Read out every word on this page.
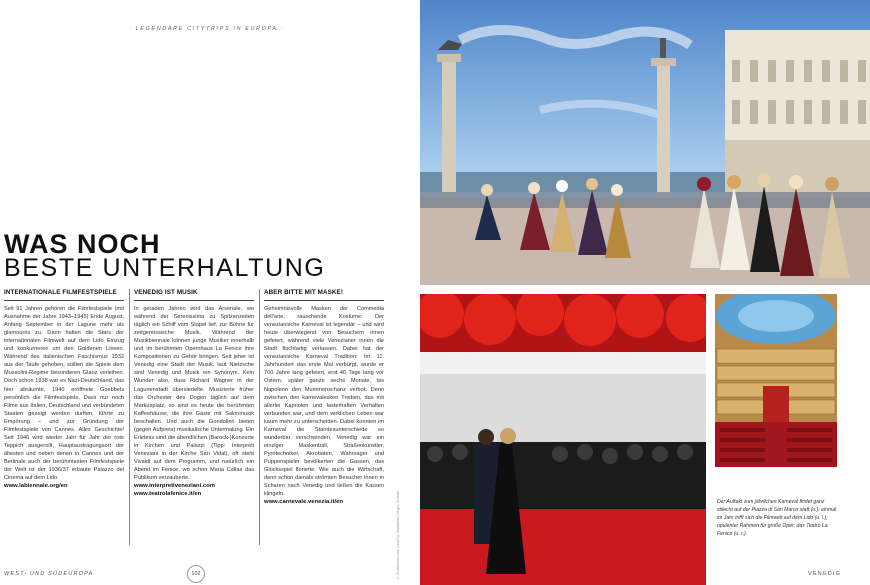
· LEGENDÄRE CITYTRIPS IN EUROPA ·
WAS NOCH
BESTE UNTERHALTUNG
INTERNATIONALE FILMFESTSPIELE

Seit 91 Jahren gehören die Filmfestspiele (mit Ausnahme der Jahre 1943–1945) Ende August, Anfang September in der Lagune mehr als glamourös zu. Dann halten die Stars der internationalen Filmwelt auf dem Lido Einzug und konkurrieren um den Goldenen Löwen. Während des italienischen Faschismus 1932 aus der Taufe gehoben, sollten die Spiele dem Mussolini-Regime besonderen Glanz verleihen. Doch schon 1938 war es Nazi-Deutschland, das hier abräumte, 1940 eröffnete Goebbels persönlich die Filmfestspiele. Dass nur noch Filme aus Italien, Deutschland und verbündeten Staaten gezeigt werden durften, führte zu Empörung – und zur Gründung der Filmfestspiele von Cannes. Alles Geschichte! Seit 1946 wird wieder Jahr für Jahr der rote Teppich ausgerollt, Hauptaustragungsort der ältesten und neben denen in Cannes und der Berlinale auch der berühmtesten Filmfestspiele der Welt ist der 1936/37 erbaute Palazzo del Cinema auf dem Lido.

www.labiennale.org/en
VENEDIG IST MUSIK

In geraden Jahren wird das Arsenale, wo während der Serenissima zu Spitzenzeiten täglich ein Schiff vom Stapel lief, zur Bühne für zeitgenössische Musik. Während der Musikbiennale können junge Musiker innerhalb und im berühmten Opernhaus La Fenice ihre Kompositionen zu Gehör bringen. Seit jeher ist Venedig eine Stadt der Musik, laut Nietzsche sind Venedig und Musik ein Synonym. Kein Wunder also, dass Richard Wagner in der Lagunenstadt übersiedelte. Musizierte früher das Orchester des Dogen täglich auf dem Markusplatz, so sind es heute die berühmten Kaffeehäuser, die ihre Gäste mit Salonmusik beschallen. Und auch die Gondolieri bieten (gegen Aufpreis) musikalische Untermalung. Ein Erlebnis sind die abendlichen (Barock-)Konzerte in Kirchen und Palazzi (Tipp: Interpreti Veneziani in der Kirche San Vidal), oft steht Vivaldi auf dem Programm, und natürlich ein Abend im Fenice, wo schon Maria Callas das Publikum verzauberte.

www.interpretiveneziani.com
www.teatrolafenice.it/en
ABER BITTE MIT MASKE!

Geheimnisvolle Masken der Commedia dell'arte, rauschende Kostüme: Der venezianische Karneval ist legendär – und wird heute überwiegend von Besuchern innen gefeiert, während viele Venezianer innen die Stadt fluchtartig verlassen. Dabei hat der venezianische Karneval Tradition: Im 11. Jahrhundert das erste Mal verbürgt, wurde er 700 Jahre lang gefeiert, erst 40 Tage lang vor Ostern, später ganze sechs Monate, bis Napoleon den Mummenschanz verbot. Denn zwischen den karnevalesken Treiben, das mit allerlei Kapriolen und lasterhaften Verhalten verbunden war, und dem wirklichen Leben war kaum mehr zu unterscheiden. Dabei konnten im Karneval die Standesunterschiede so wunderbar verschwinden, Venedig war ein einziger Maskenball, Straßenkünstler, Pyrotechniker, Akrobaten, Wahrsager und Puppenspieler bevölkerten die Gassen, das Glücksspiel florierte. Wie auch die Wirtschaft, denn schon damals strömten Besucher innen in Scharen nach Venedig und ließen die Kassen klingeln.

www.carnevale.venezia.it/en	© Shutterstock.com; LunaTrip; Sebbastian; Dinger; ZeniMar
WEST- UND SÜDEUROPA	102
Der Auftakt zum jährlichen Karneval findet ganz stilecht auf der Piazza di San Marco statt (o.), einmal im Jahr trifft sich die Filmwelt auf dem Lido (u. l.); opulenter Rahmen für große Oper: das Teatro La Fenice (u. r.).
VENEDIG
